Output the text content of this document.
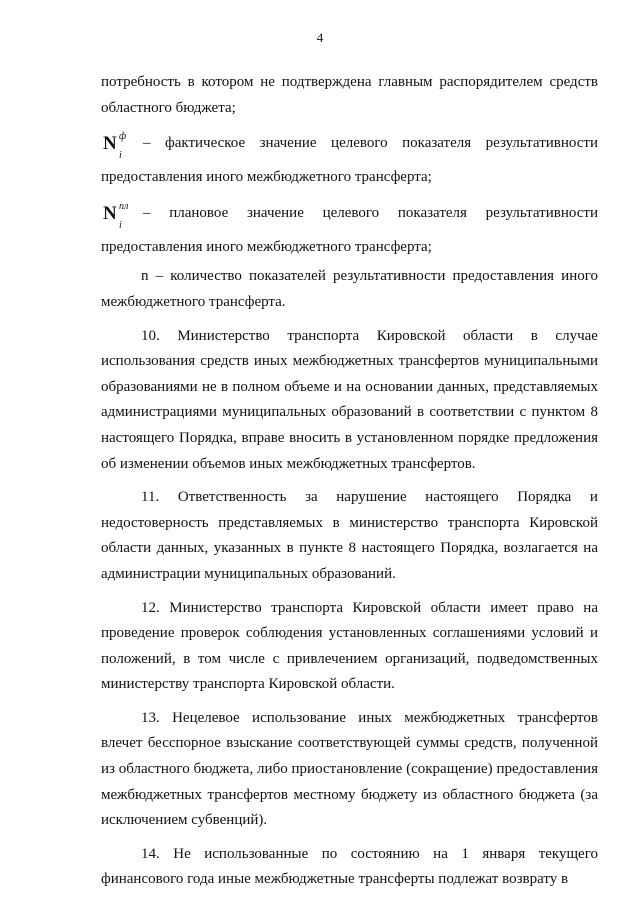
4

потребность в котором не подтверждена главным распорядителем средств

областного бюджета;

N ф
i
– фактическое значение целевого показателя результативности

предоставления иного межбюджетного трансферта;

N пл
i
– плановое значение целевого показателя результативности

предоставления иного межбюджетного трансферта;

n – количество показателей результативности предоставления иного межбюджетного трансферта.

10. Министерство транспорта Кировской области в случае

использования средств иных межбюджетных трансфертов муниципальными образованиями не в полном объеме и на основании данных, представляемых администрациями муниципальных образований в соответствии с пунктом 8 настоящего Порядка, вправе вносить в установленном порядке предложения об изменении объемов иных межбюджетных трансфертов.

11. Ответственность за нарушение настоящего Порядка и

недостоверность представляемых в министерство транспорта Кировской области данных, указанных в пункте 8 настоящего Порядка, возлагается на администрации муниципальных образований.

12. Министерство транспорта Кировской области имеет право на проведение проверок соблюдения установленных соглашениями условий и положений, в том числе с привлечением организаций, подведомственных министерству транспорта Кировской области.

13. Нецелевое использование иных межбюджетных трансфертов влечет бесспорное взыскание соответствующей суммы средств, полученной из областного бюджета, либо приостановление (сокращение) предоставления межбюджетных трансфертов местному бюджету из областного бюджета (за исключением субвенций).

14. Не использованные по состоянию на 1 января текущего финансового года иные межбюджетные трансферты подлежат возврату в
